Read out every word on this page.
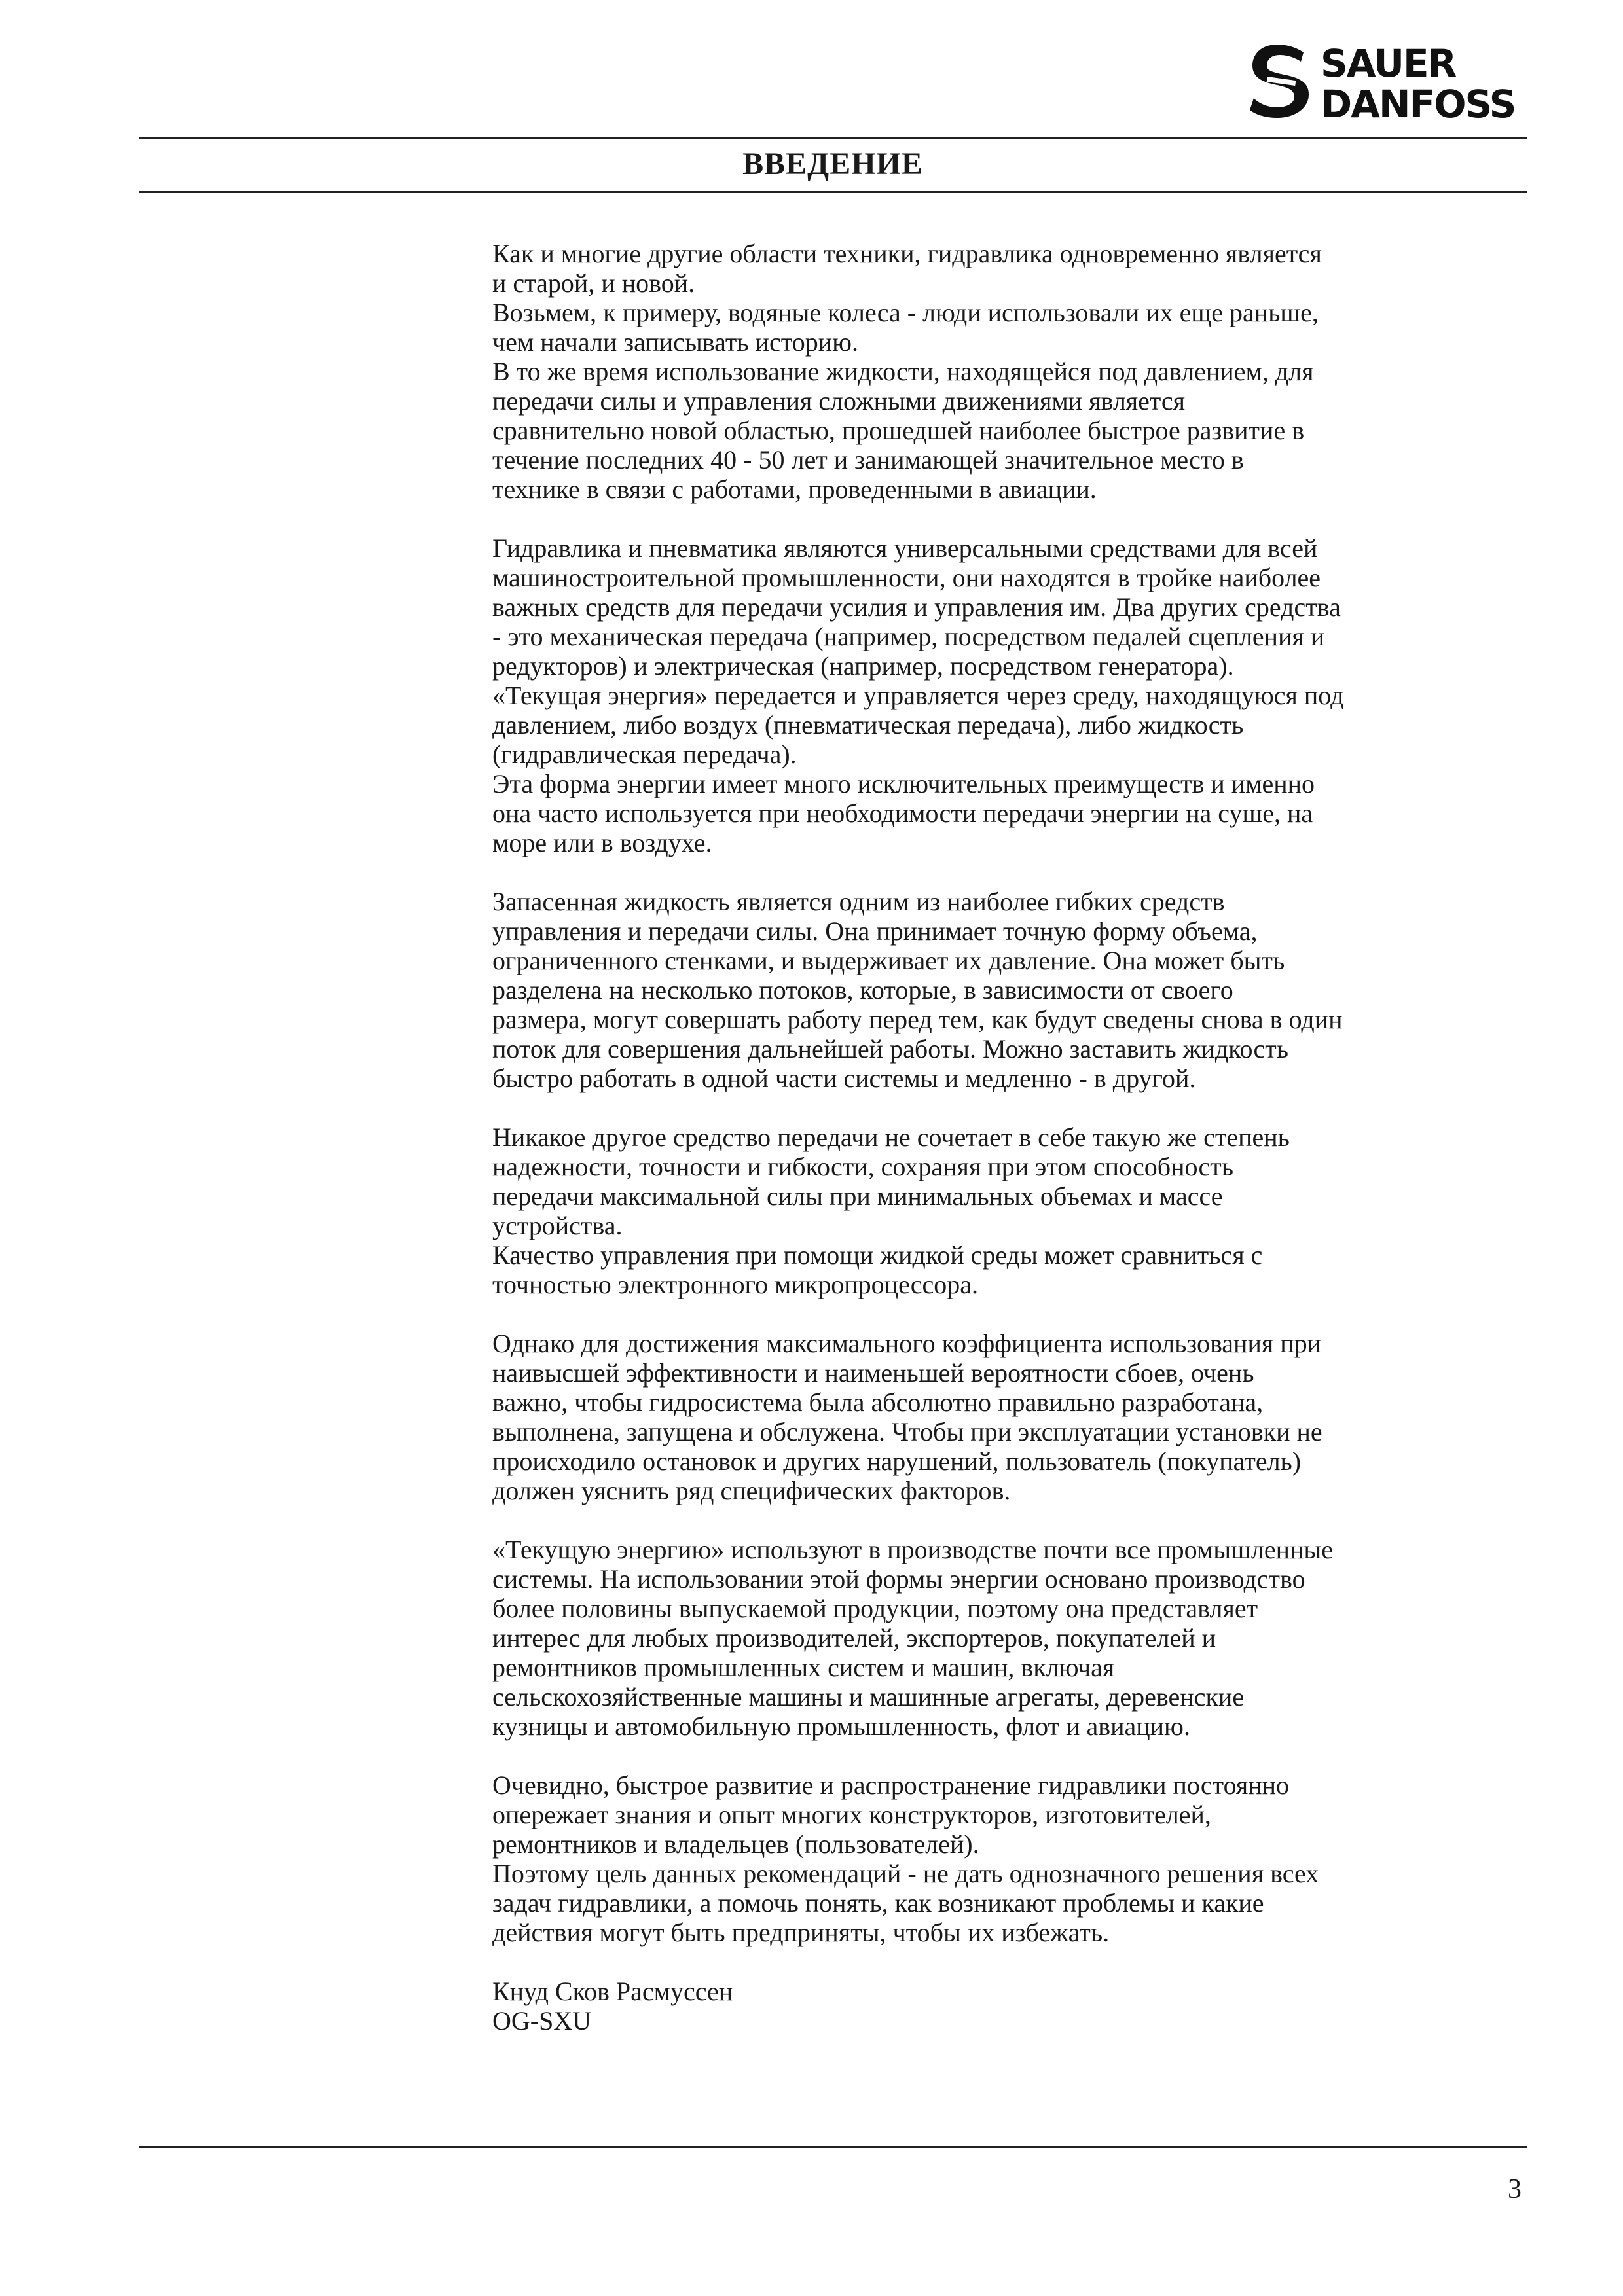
SAUER
DANFOSS
ВВЕДЕНИЕ

Как и многие другие области техники, гидравлика одновременно является
и старой, и новой.
Возьмем, к примеру, водяные колеса - люди использовали их еще раньше,
чем начали записывать историю.
В то же время использование жидкости, находящейся под давлением, для
передачи силы и управления сложными движениями является
сравнительно новой областью, прошедшей наиболее быстрое развитие в
течение последних 40 - 50 лет и занимающей значительное место в
технике в связи с работами, проведенными в авиации.

Гидравлика и пневматика являются универсальными средствами для всей
машиностроительной промышленности, они находятся в тройке наиболее
важных средств для передачи усилия и управления им. Два других средства
- это механическая передача (например, посредством педалей сцепления и
редукторов) и электрическая (например, посредством генератора).
«Текущая энергия» передается и управляется через среду, находящуюся под
давлением, либо воздух (пневматическая передача), либо жидкость
(гидравлическая передача).
Эта форма энергии имеет много исключительных преимуществ и именно
она часто используется при необходимости передачи энергии на суше, на
море или в воздухе.

Запасенная жидкость является одним из наиболее гибких средств
управления и передачи силы. Она принимает точную форму объема,
ограниченного стенками, и выдерживает их давление. Она может быть
разделена на несколько потоков, которые, в зависимости от своего
размера, могут совершать работу перед тем, как будут сведены снова в один
поток для совершения дальнейшей работы. Можно заставить жидкость
быстро работать в одной части системы и медленно - в другой.

Никакое другое средство передачи не сочетает в себе такую же степень
надежности, точности и гибкости, сохраняя при этом способность
передачи максимальной силы при минимальных объемах и массе
устройства.
Качество управления при помощи жидкой среды может сравниться с
точностью электронного микропроцессора.

Однако для достижения максимального коэффициента использования при
наивысшей эффективности и наименьшей вероятности сбоев, очень
важно, чтобы гидросистема была абсолютно правильно разработана,
выполнена, запущена и обслужена. Чтобы при эксплуатации установки не
происходило остановок и других нарушений, пользователь (покупатель)
должен уяснить ряд специфических факторов.

«Текущую энергию» используют в производстве почти все промышленные
системы. На использовании этой формы энергии основано производство
более половины выпускаемой продукции, поэтому она представляет
интерес для любых производителей, экспортеров, покупателей и
ремонтников промышленных систем и машин, включая
сельскохозяйственные машины и машинные агрегаты, деревенские
кузницы и автомобильную промышленность, флот и авиацию.

Очевидно, быстрое развитие и распространение гидравлики постоянно
опережает знания и опыт многих конструкторов, изготовителей,
ремонтников и владельцев (пользователей).
Поэтому цель данных рекомендаций - не дать однозначного решения всех
задач гидравлики, а помочь понять, как возникают проблемы и какие
действия могут быть предприняты, чтобы их избежать.

Кнуд Сков Расмуссен
OG-SXU
3
